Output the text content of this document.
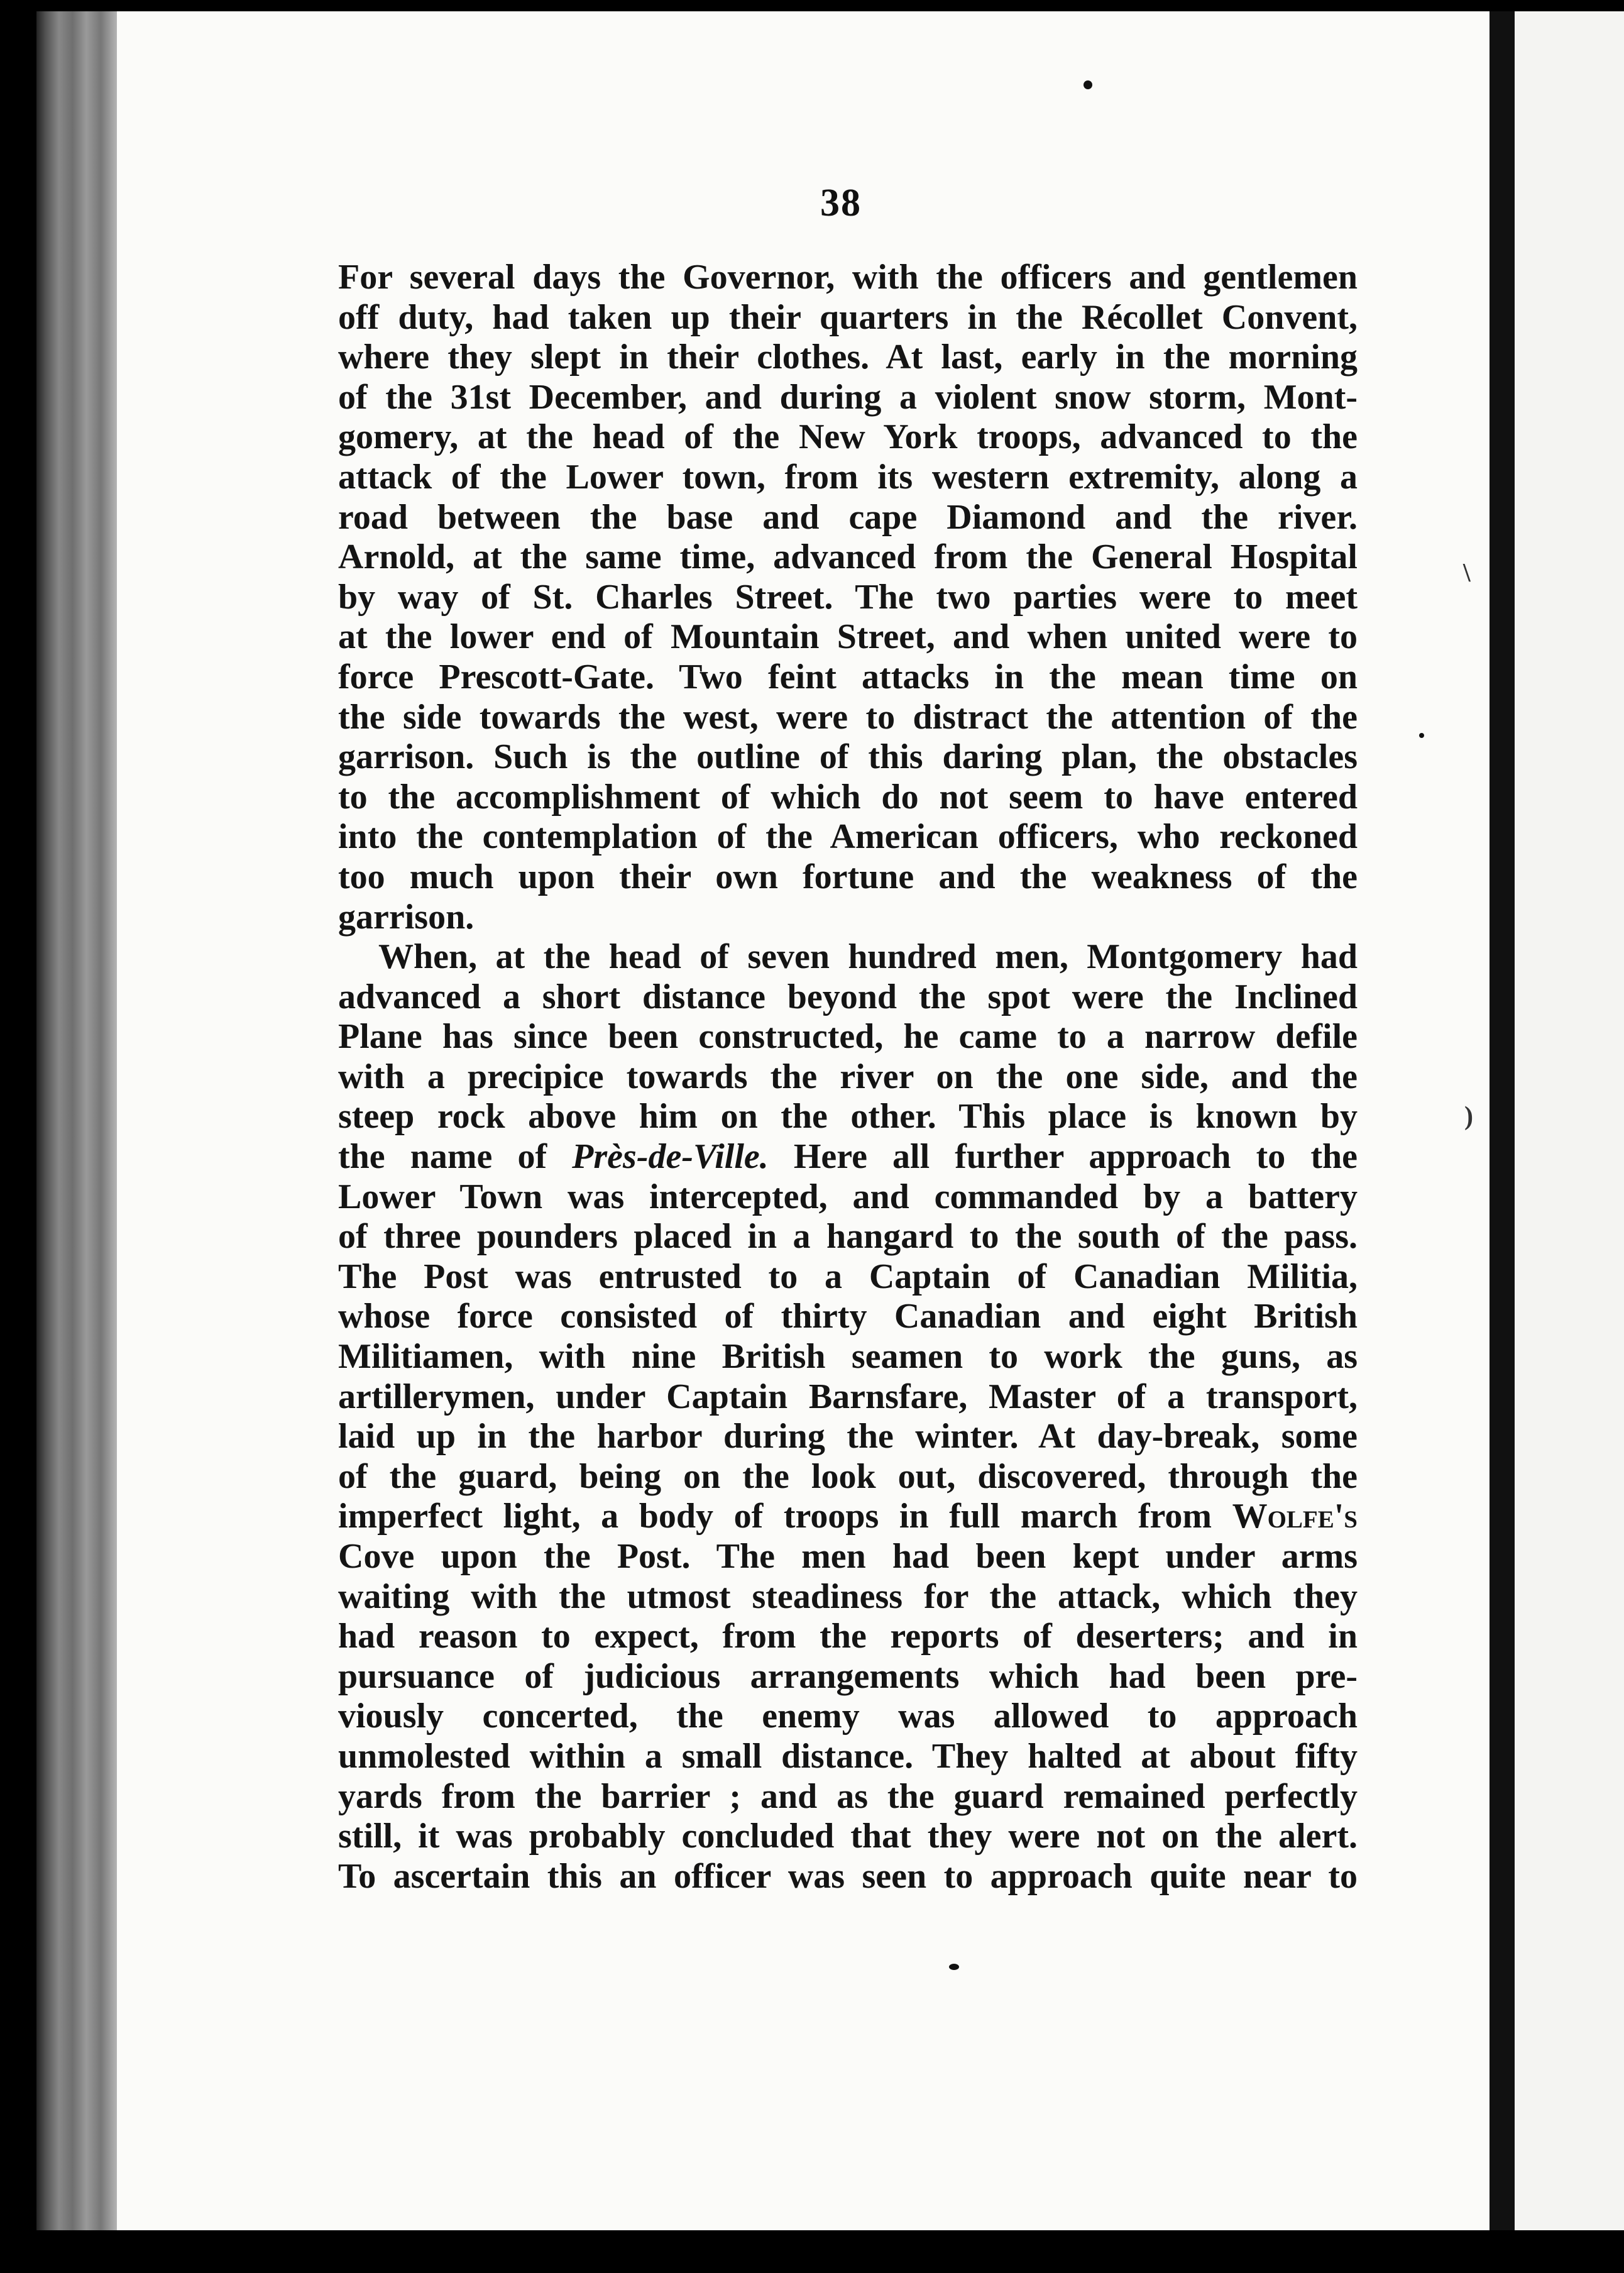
\
)
38
For several days the Governor, with the officers and gentlemen
off duty, had taken up their quarters in the Récollet Convent,
where they slept in their clothes. At last, early in the morning
of the 31st December, and during a violent snow storm, Mont-
gomery, at the head of the New York troops, advanced to the
attack of the Lower town, from its western extremity, along a
road between the base and cape Diamond and the river.
Arnold, at the same time, advanced from the General Hospital
by way of St. Charles Street. The two parties were to meet
at the lower end of Mountain Street, and when united were to
force Prescott-Gate. Two feint attacks in the mean time on
the side towards the west, were to distract the attention of the
garrison. Such is the outline of this daring plan, the obstacles
to the accomplishment of which do not seem to have entered
into the contemplation of the American officers, who reckoned
too much upon their own fortune and the weakness of the
garrison.
When, at the head of seven hundred men, Montgomery had
advanced a short distance beyond the spot were the Inclined
Plane has since been constructed, he came to a narrow defile
with a precipice towards the river on the one side, and the
steep rock above him on the other. This place is known by
the name of Près-de-Ville. Here all further approach to the
Lower Town was intercepted, and commanded by a battery
of three pounders placed in a hangard to the south of the pass.
The Post was entrusted to a Captain of Canadian Militia,
whose force consisted of thirty Canadian and eight British
Militiamen, with nine British seamen to work the guns, as
artillerymen, under Captain Barnsfare, Master of a transport,
laid up in the harbor during the winter. At day-break, some
of the guard, being on the look out, discovered, through the
imperfect light, a body of troops in full march from Wolfe's
Cove upon the Post. The men had been kept under arms
waiting with the utmost steadiness for the attack, which they
had reason to expect, from the reports of deserters; and in
pursuance of judicious arrangements which had been pre-
viously concerted, the enemy was allowed to approach
unmolested within a small distance. They halted at about fifty
yards from the barrier ; and as the guard remained perfectly
still, it was probably concluded that they were not on the alert.
To ascertain this an officer was seen to approach quite near to
